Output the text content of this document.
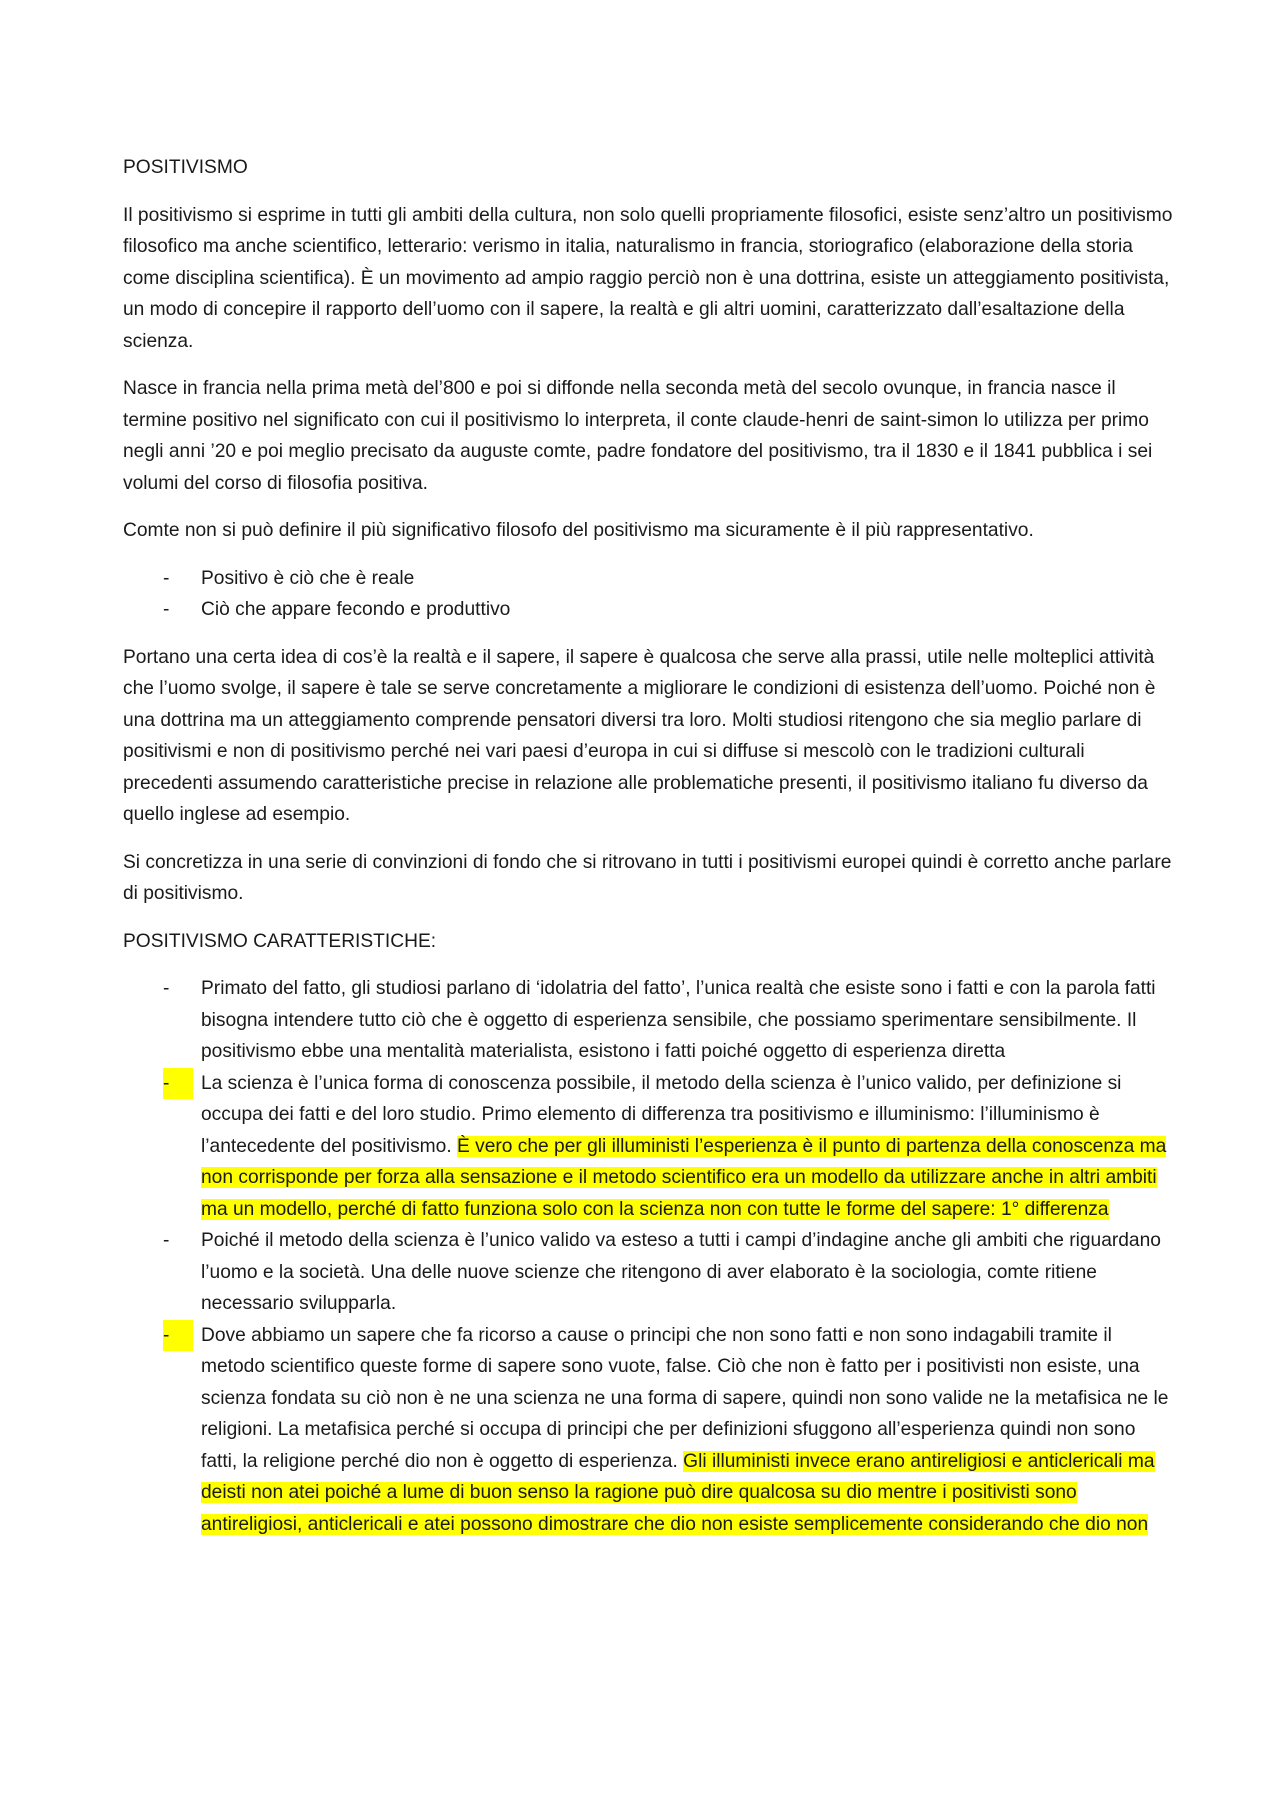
POSITIVISMO

Il positivismo si esprime in tutti gli ambiti della cultura, non solo quelli propriamente filosofici, esiste senz’altro un positivismo filosofico ma anche scientifico, letterario: verismo in italia, naturalismo in francia, storiografico (elaborazione della storia come disciplina scientifica). È un movimento ad ampio raggio perciò non è una dottrina, esiste un atteggiamento positivista, un modo di concepire il rapporto dell’uomo con il sapere, la realtà e gli altri uomini, caratterizzato dall’esaltazione della scienza.

Nasce in francia nella prima metà del’800 e poi si diffonde nella seconda metà del secolo ovunque, in francia nasce il termine positivo nel significato con cui il positivismo lo interpreta, il conte claude-henri de saint-simon lo utilizza per primo negli anni ’20 e poi meglio precisato da auguste comte, padre fondatore del positivismo, tra il 1830 e il 1841 pubblica i sei volumi del corso di filosofia positiva.

Comte non si può definire il più significativo filosofo del positivismo ma sicuramente è il più rappresentativo.

-	Positivo è ciò che è reale
-	Ciò che appare fecondo e produttivo

Portano una certa idea di cos’è la realtà e il sapere, il sapere è qualcosa che serve alla prassi, utile nelle molteplici attività che l’uomo svolge, il sapere è tale se serve concretamente a migliorare le condizioni di esistenza dell’uomo. Poiché non è una dottrina ma un atteggiamento comprende pensatori diversi tra loro. Molti studiosi ritengono che sia meglio parlare di positivismi e non di positivismo perché nei vari paesi d’europa in cui si diffuse si mescolò con le tradizioni culturali precedenti assumendo caratteristiche precise in relazione alle problematiche presenti, il positivismo italiano fu diverso da quello inglese ad esempio.

Si concretizza in una serie di convinzioni di fondo che si ritrovano in tutti i positivismi europei quindi è corretto anche parlare di positivismo.

POSITIVISMO CARATTERISTICHE:

-	Primato del fatto, gli studiosi parlano di ‘idolatria del fatto’, l’unica realtà che esiste sono i fatti e con la parola fatti bisogna intendere tutto ciò che è oggetto di esperienza sensibile, che possiamo sperimentare sensibilmente. Il positivismo ebbe una mentalità materialista, esistono i fatti poiché oggetto di esperienza diretta
-	La scienza è l’unica forma di conoscenza possibile, il metodo della scienza è l’unico valido, per definizione si occupa dei fatti e del loro studio. Primo elemento di differenza tra positivismo e illuminismo: l’illuminismo è l’antecedente del positivismo. È vero che per gli illuministi l’esperienza è il punto di partenza della conoscenza ma non corrisponde per forza alla sensazione e il metodo scientifico era un modello da utilizzare anche in altri ambiti ma un modello, perché di fatto funziona solo con la scienza non con tutte le forme del sapere: 1° differenza
-	Poiché il metodo della scienza è l’unico valido va esteso a tutti i campi d’indagine anche gli ambiti che riguardano l’uomo e la società. Una delle nuove scienze che ritengono di aver elaborato è la sociologia, comte ritiene necessario svilupparla.
-	Dove abbiamo un sapere che fa ricorso a cause o principi che non sono fatti e non sono indagabili tramite il metodo scientifico queste forme di sapere sono vuote, false. Ciò che non è fatto per i positivisti non esiste, una scienza fondata su ciò non è ne una scienza ne una forma di sapere, quindi non sono valide ne la metafisica ne le religioni. La metafisica perché si occupa di principi che per definizioni sfuggono all’esperienza quindi non sono fatti, la religione perché dio non è oggetto di esperienza. Gli illuministi invece erano antireligiosi e anticlericali ma deisti non atei poiché a lume di buon senso la ragione può dire qualcosa su dio mentre i positivisti sono antireligiosi, anticlericali e atei possono dimostrare che dio non esiste semplicemente considerando che dio non
